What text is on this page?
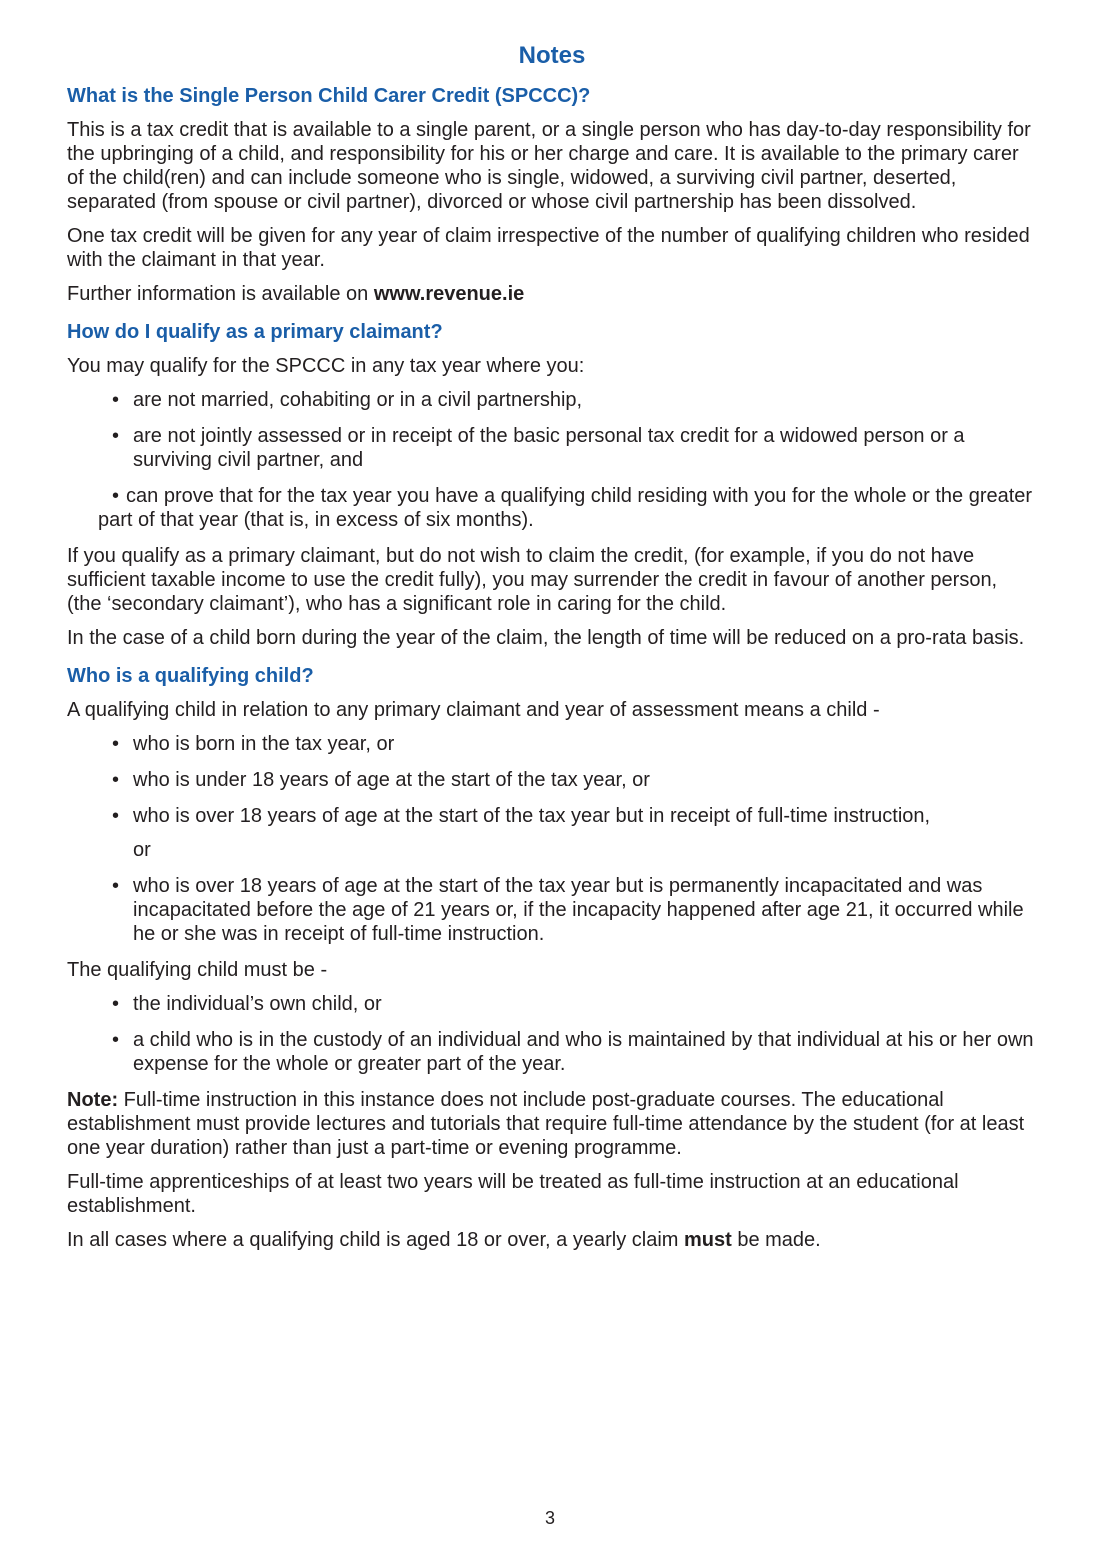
Notes
What is the Single Person Child Carer Credit (SPCCC)?

This is a tax credit that is available to a single parent, or a single person who has day-to-day responsibility for the upbringing of a child, and responsibility for his or her charge and care. It is available to the primary carer of the child(ren) and can include someone who is single, widowed, a surviving civil partner, deserted, separated (from spouse or civil partner), divorced or whose civil partnership has been dissolved.

One tax credit will be given for any year of claim irrespective of the number of qualifying children who resided with the claimant in that year.

Further information is available on www.revenue.ie

How do I qualify as a primary claimant?

You may qualify for the SPCCC in any tax year where you:

• are not married, cohabiting or in a civil partnership,
• are not jointly assessed or in receipt of the basic personal tax credit for a widowed person or a surviving civil partner, and
• can prove that for the tax year you have a qualifying child residing with you for the whole or the greater part of that year (that is, in excess of six months).

If you qualify as a primary claimant, but do not wish to claim the credit, (for example, if you do not have sufficient taxable income to use the credit fully), you may surrender the credit in favour of another person, (the ‘secondary claimant’), who has a significant role in caring for the child.

In the case of a child born during the year of the claim, the length of time will be reduced on a pro-rata basis.

Who is a qualifying child?

A qualifying child in relation to any primary claimant and year of assessment means a child -

• who is born in the tax year, or
• who is under 18 years of age at the start of the tax year, or
• who is over 18 years of age at the start of the tax year but in receipt of full-time instruction,
or
• who is over 18 years of age at the start of the tax year but is permanently incapacitated and was incapacitated before the age of 21 years or, if the incapacity happened after age 21, it occurred while he or she was in receipt of full-time instruction.

The qualifying child must be -

• the individual’s own child, or
• a child who is in the custody of an individual and who is maintained by that individual at his or her own expense for the whole or greater part of the year.

Note: Full-time instruction in this instance does not include post-graduate courses. The educational establishment must provide lectures and tutorials that require full-time attendance by the student (for at least one year duration) rather than just a part-time or evening programme.

Full-time apprenticeships of at least two years will be treated as full-time instruction at an educational establishment.

In all cases where a qualifying child is aged 18 or over, a yearly claim must be made.

3
